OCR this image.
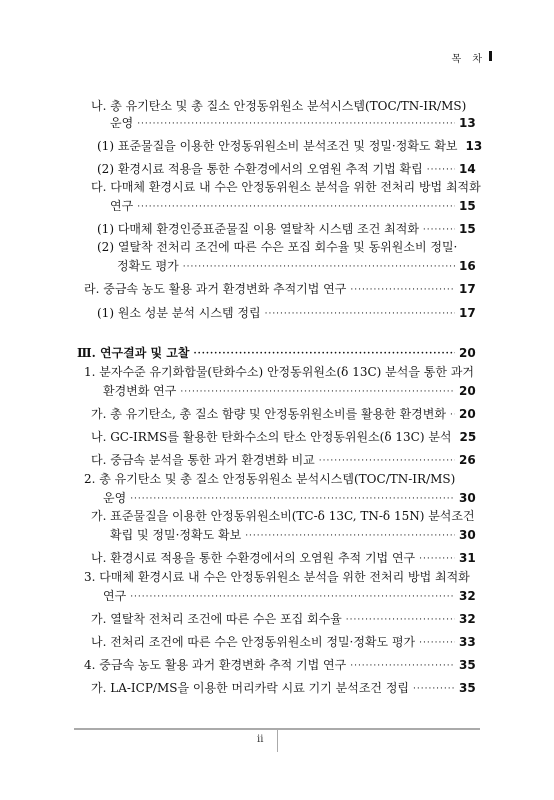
목 차
나. 총 유기탄소 및 총 질소 안정동위원소 분석시스템(TOC/TN-IR/MS)
운영 ·····	13
(1) 표준물질을 이용한 안정동위원소비 분석조건 및 정밀·정확도 확보 13
(2) 환경시료 적용을 통한 수환경에서의 오염원 추적 기법 확립 ·····	14
다. 다매체 환경시료 내 수은 안정동위원소 분석을 위한 전처리 방법 최적화
연구 ·····	15
(1) 다매체 환경인증표준물질 이용 열탈착 시스템 조건 최적화 ·····	15
(2) 열탈착 전처리 조건에 따른 수은 포집 회수율 및 동위원소비 정밀·
정확도 평가 ·····	16
라. 중금속 농도 활용 과거 환경변화 추적기법 연구 ·····	17
(1) 원소 성분 분석 시스템 정립 ·····	17
Ⅲ. 연구결과 및 고찰 ·····	20
1. 분자수준 유기화합물(탄화수소) 안정동위원소(δ 13C) 분석을 통한 과거
환경변화 연구 ·····	20
가. 총 유기탄소, 총 질소 함량 및 안정동위원소비를 활용한 환경변화 ····· 20
나. GC-IRMS를 활용한 탄화수소의 탄소 안정동위원소(δ 13C) 분석 25
다. 중금속 분석을 통한 과거 환경변화 비교 ·····	26
2. 총 유기탄소 및 총 질소 안정동위원소 분석시스템(TOC/TN-IR/MS)
운영 ·····	30
가. 표준물질을 이용한 안정동위원소비(TC-δ 13C, TN-δ 15N) 분석조건
확립 및 정밀·정확도 확보 ·····	30
나. 환경시료 적용을 통한 수환경에서의 오염원 추적 기법 연구 ·····	31
3. 다매체 환경시료 내 수은 안정동위원소 분석을 위한 전처리 방법 최적화
연구 ·····	32
가. 열탈착 전처리 조건에 따른 수은 포집 회수율 ·····	32
나. 전처리 조건에 따른 수은 안정동위원소비 정밀·정확도 평가 ·····	33
4. 중금속 농도 활용 과거 환경변화 추적 기법 연구 ·····	35
가. LA-ICP/MS을 이용한 머리카락 시료 기기 분석조건 정립 ·····	35
ii
